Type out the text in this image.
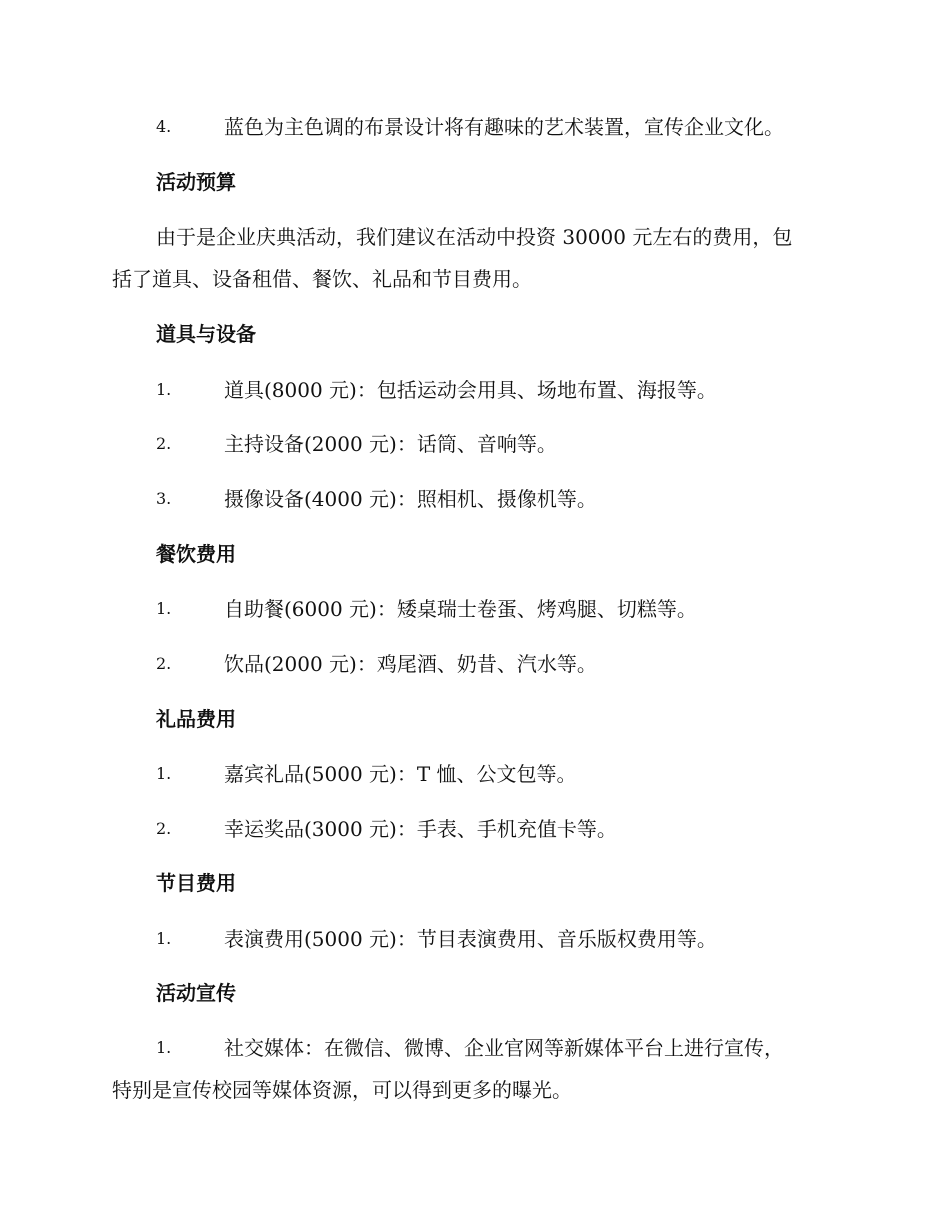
4.	蓝色为主色调的布景设计将有趣味的艺术装置，宣传企业文化。
活动预算
由于是企业庆典活动，我们建议在活动中投资 30000 元左右的费用，包
括了道具、设备租借、餐饮、礼品和节目费用。
道具与设备
1.	道具(8000 元)：包括运动会用具、场地布置、海报等。
2.	主持设备(2000 元)：话筒、音响等。
3.	摄像设备(4000 元)：照相机、摄像机等。
餐饮费用
1.	自助餐(6000 元)：矮桌瑞士卷蛋、烤鸡腿、切糕等。
2.	饮品(2000 元)：鸡尾酒、奶昔、汽水等。
礼品费用
1.	嘉宾礼品(5000 元)：T 恤、公文包等。
2.	幸运奖品(3000 元)：手表、手机充值卡等。
节目费用
1.	表演费用(5000 元)：节目表演费用、音乐版权费用等。
活动宣传
1.	社交媒体：在微信、微博、企业官网等新媒体平台上进行宣传，
特别是宣传校园等媒体资源，可以得到更多的曝光。
